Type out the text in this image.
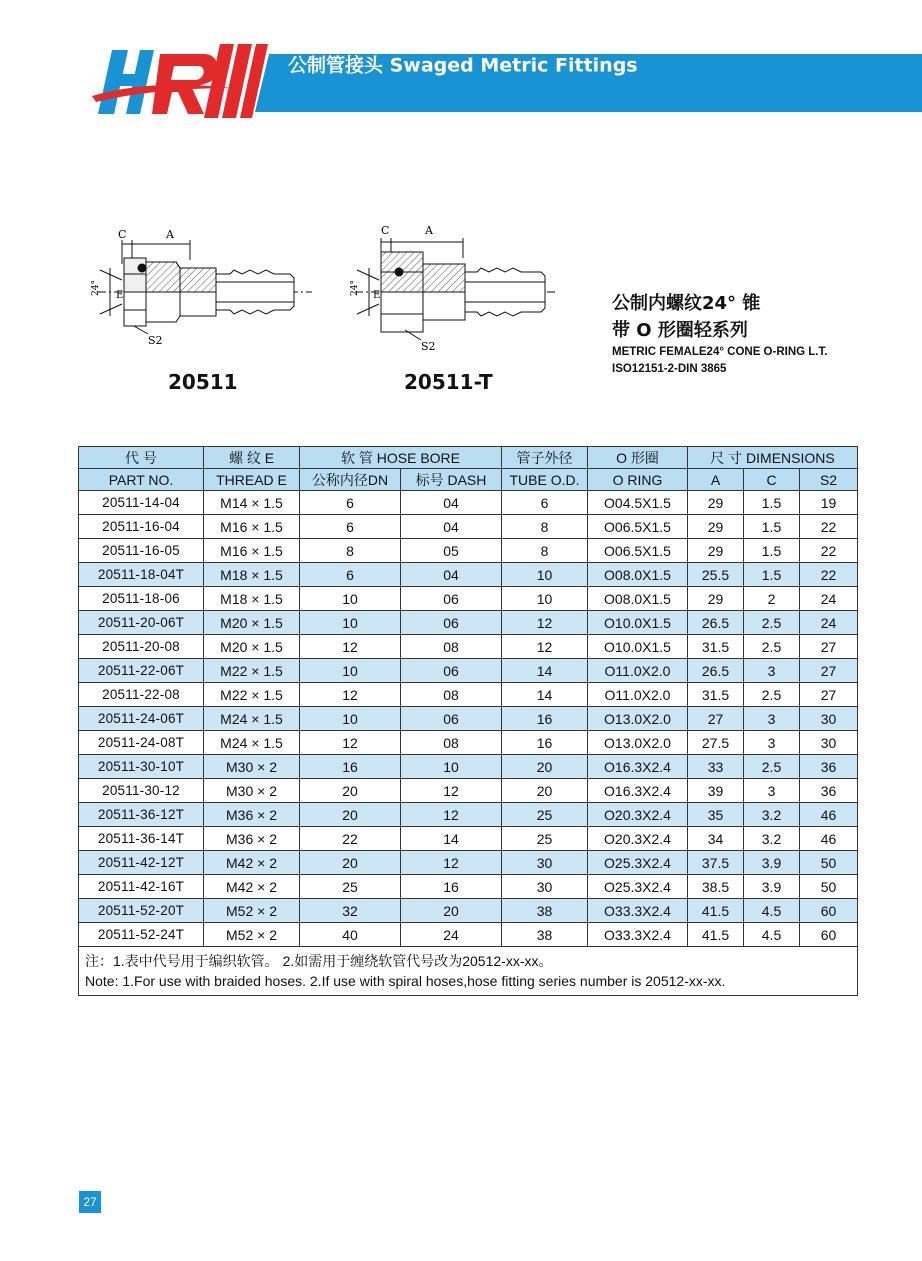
公制管接头 Swaged Metric Fittings
C	A
24° E
S2
20511
C	A
24° E
S2
20511-T
公制内螺纹24° 锥
带 O 形圈轻系列
METRIC FEMALE24° CONE O-RING L.T.
ISO12151-2-DIN 3865
代 号	螺 纹 E	软 管 HOSE BORE		管子外径	O 形圈	尺 寸 DIMENSIONS		
PART NO.	THREAD E	公称内径DN	标号 DASH	TUBE O.D.	O RING	A	C	S2
20511-14-04	M14 × 1.5	6	04	6	O04.5X1.5	29	1.5	19
20511-16-04	M16 × 1.5	6	04	8	O06.5X1.5	29	1.5	22
20511-16-05	M16 × 1.5	8	05	8	O06.5X1.5	29	1.5	22
20511-18-04T	M18 × 1.5	6	04	10	O08.0X1.5	25.5	1.5	22
20511-18-06	M18 × 1.5	10	06	10	O08.0X1.5	29	2	24
20511-20-06T	M20 × 1.5	10	06	12	O10.0X1.5	26.5	2.5	24
20511-20-08	M20 × 1.5	12	08	12	O10.0X1.5	31.5	2.5	27
20511-22-06T	M22 × 1.5	10	06	14	O11.0X2.0	26.5	3	27
20511-22-08	M22 × 1.5	12	08	14	O11.0X2.0	31.5	2.5	27
20511-24-06T	M24 × 1.5	10	06	16	O13.0X2.0	27	3	30
20511-24-08T	M24 × 1.5	12	08	16	O13.0X2.0	27.5	3	30
20511-30-10T	M30 × 2	16	10	20	O16.3X2.4	33	2.5	36
20511-30-12	M30 × 2	20	12	20	O16.3X2.4	39	3	36
20511-36-12T	M36 × 2	20	12	25	O20.3X2.4	35	3.2	46
20511-36-14T	M36 × 2	22	14	25	O20.3X2.4	34	3.2	46
20511-42-12T	M42 × 2	20	12	30	O25.3X2.4	37.5	3.9	50
20511-42-16T	M42 × 2	25	16	30	O25.3X2.4	38.5	3.9	50
20511-52-20T	M52 × 2	32	20	38	O33.3X2.4	41.5	4.5	60
20511-52-24T	M52 × 2	40	24	38	O33.3X2.4	41.5	4.5	60

注：1.表中代号用于编织软管。 2.如需用于缠绕软管代号改为20512-xx-xx。
Note: 1.For use with braided hoses. 2.If use with spiral hoses,hose fitting series number is 20512-xx-xx.								
27
